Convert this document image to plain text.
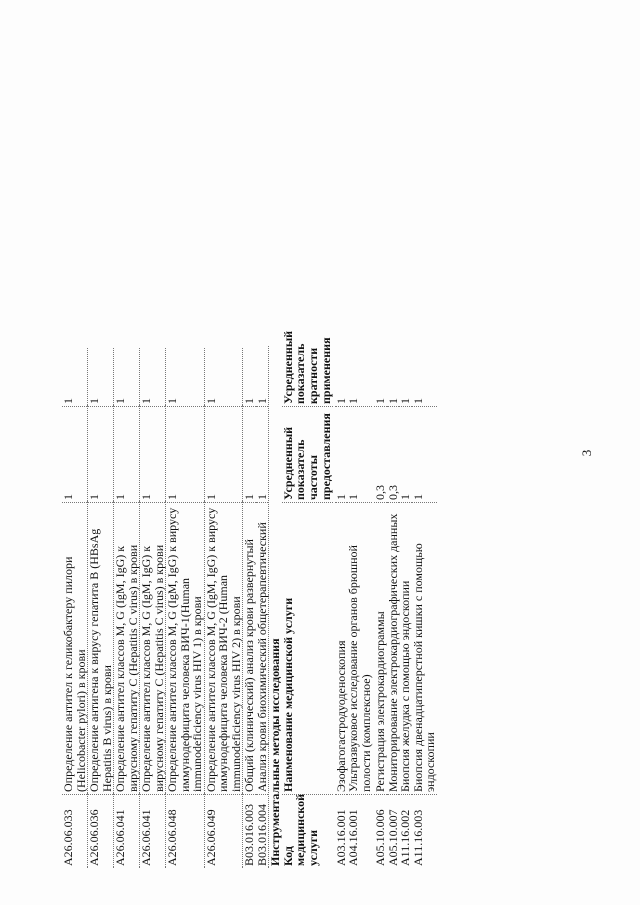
3
A26.06.033
Определение антител к геликобактеру пилори (Helicobacter pylori) в крови
1
1
A26.06.036
Определение антигена к вирусу гепатита B (HBsAg Hepatitis B virus) в крови
1
1
A26.06.041
Определение антител классов M, G (IgM, IgG) к вирусному гепатиту C (Hepatitis C virus) в крови
1
1
A26.06.041
Определение антител классов M, G (IgM, IgG) к вирусному гепатиту C (Hepatitis C virus) в крови
1
1
A26.06.048
Определение антител классов M, G (IgM, IgG) к вирусу иммунодефицита человека ВИЧ-1(Human immunodeficiency virus HIV 1) в крови
1
1
A26.06.049
Определение антител классов M, G (IgM, IgG) к вирусу иммунодефицита человека ВИЧ-2 (Human immunodeficiency virus HIV 2) в крови
1
1
B03.016.003
Общий (клинический) анализ крови развернутый
1
1
B03.016.004
Анализ крови биохимический общетерапевтический
1
1
Инструментальные методы исследования
Код медицинской услуги
Наименование медицинской услуги
Усредненный показатель частоты предоставления
Усредненный показатель кратности применения
A03.16.001
Эзофагогастродуоденоскопия
1
1
A04.16.001
Ультразвуковое исследование органов брюшной полости (комплексное)
1
1
A05.10.006
Регистрация электрокардиограммы
0,3
1
A05.10.007
Мониторирование электрокардиографических данных
0,3
1
A11.16.002
Биопсия желудка с помощью эндоскопии
1
1
A11.16.003
Биопсия двенадцатиперстной кишки с помощью эндоскопии
1
1
